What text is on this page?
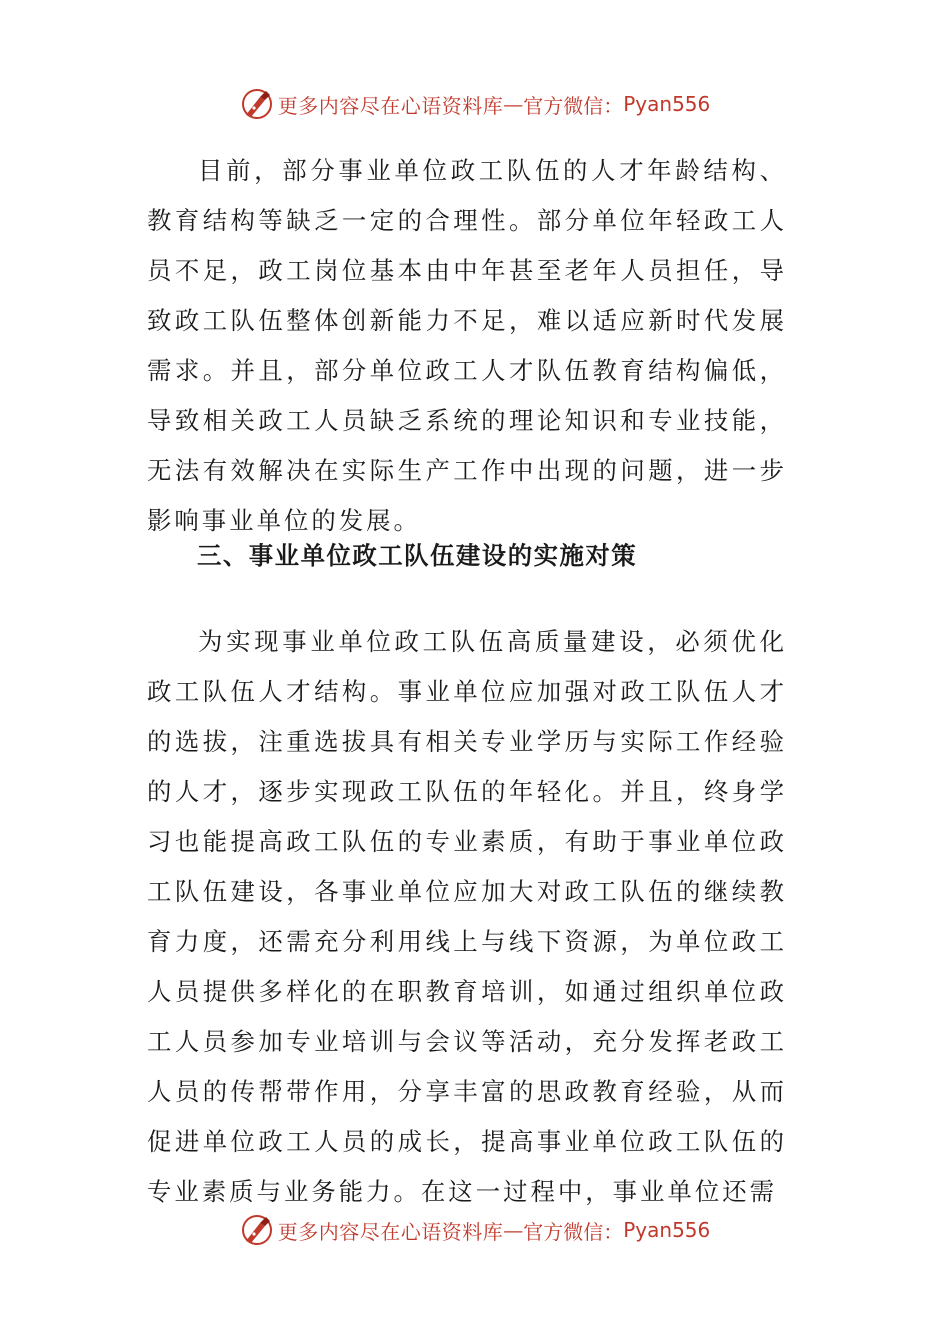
更多内容尽在心语资料库 — 官方微信： Pyan556

目前，部分事业单位政工队伍的人才年龄结构、教育结构等缺乏一定的合理性。部分单位年轻政工人员不足，政工岗位基本由中年甚至老年人员担任，导致政工队伍整体创新能力不足，难以适应新时代发展需求。并且，部分单位政工人才队伍教育结构偏低，导致相关政工人员缺乏系统的理论知识和专业技能，无法有效解决在实际生产工作中出现的问题，进一步影响事业单位的发展。

三、事业单位政工队伍建设的实施对策

为实现事业单位政工队伍高质量建设，必须优化政工队伍人才结构。事业单位应加强对政工队伍人才的选拔，注重选拔具有相关专业学历与实际工作经验的人才，逐步实现政工队伍的年轻化。并且，终身学习也能提高政工队伍的专业素质，有助于事业单位政工队伍建设，各事业单位应加大对政工队伍的继续教育力度，还需充分利用线上与线下资源，为单位政工人员提供多样化的在职教育培训，如通过组织单位政工人员参加专业培训与会议等活动，充分发挥老政工人员的传帮带作用，分享丰富的思政教育经验，从而促进单位政工人员的成长，提高事业单位政工队伍的专业素质与业务能力。在这一过程中，事业单位还需

更多内容尽在心语资料库 — 官方微信： Pyan556
